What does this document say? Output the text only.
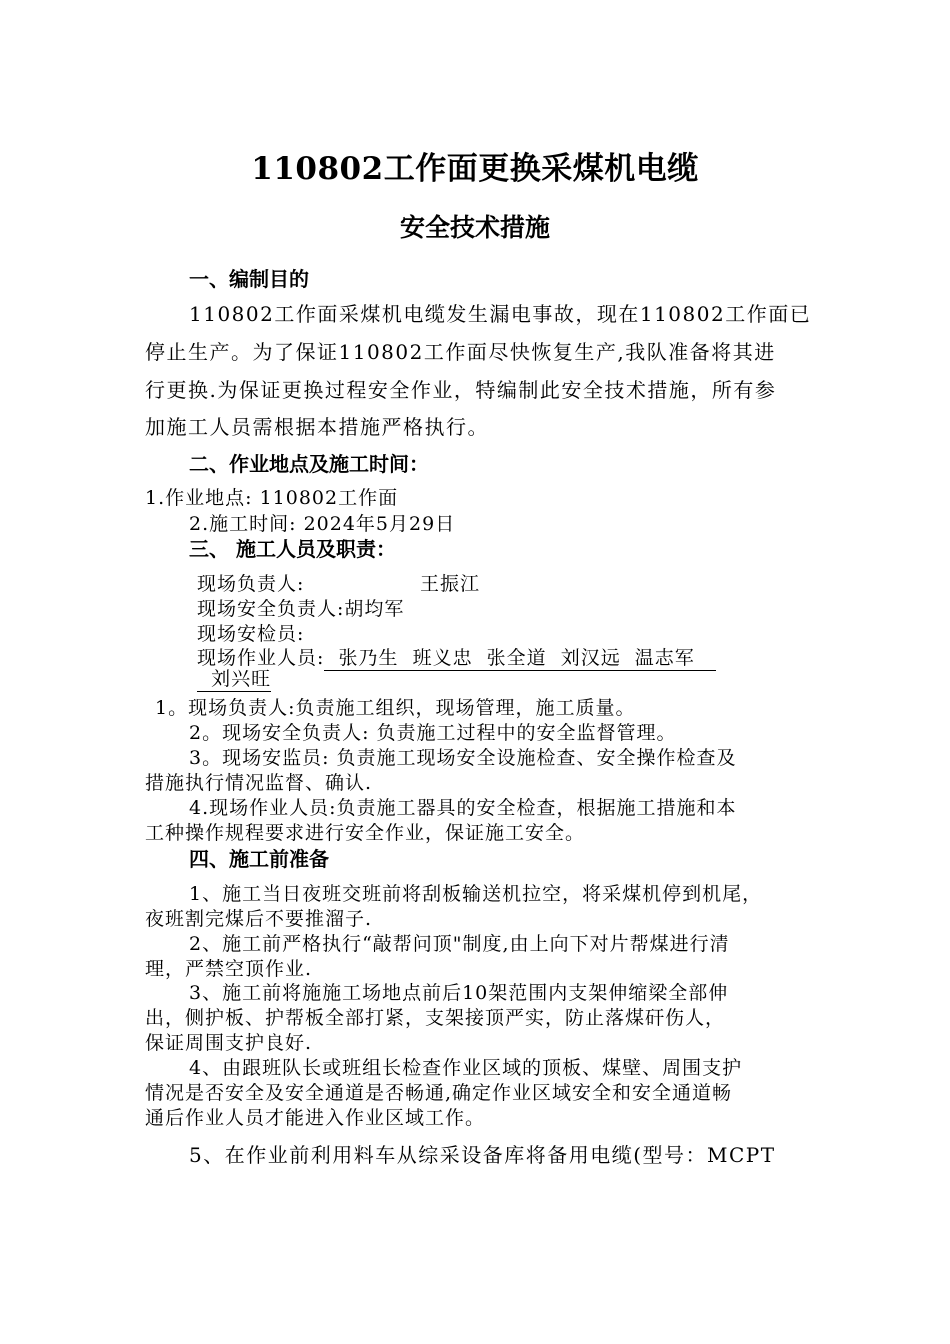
110802工作面更换采煤机电缆
安全技术措施
一、编制目的
110802工作面采煤机电缆发生漏电事故，现在110802工作面已
停止生产。为了保证110802工作面尽快恢复生产,我队准备将其进
行更换.为保证更换过程安全作业，特编制此安全技术措施，所有参
加施工人员需根据本措施严格执行。
二、作业地点及施工时间：
1.作业地点: 110802工作面
2.施工时间: 2024年5月29日
三、 施工人员及职责：
现场负责人:	王振江
现场安全负责人:胡均军
现场安检员:
现场作业人员:  张乃生  班义忠  张全道  刘汉远  温志军
刘兴旺
1。现场负责人:负责施工组织，现场管理，施工质量。
2。现场安全负责人: 负责施工过程中的安全监督管理。
3。现场安监员: 负责施工现场安全设施检查、安全操作检查及
措施执行情况监督、确认.
4.现场作业人员:负责施工器具的安全检查，根据施工措施和本
工种操作规程要求进行安全作业，保证施工安全。
四、施工前准备
1、施工当日夜班交班前将刮板输送机拉空，将采煤机停到机尾，
夜班割完煤后不要推溜子.
2、施工前严格执行“敲帮问顶"制度,由上向下对片帮煤进行清
理，严禁空顶作业.
3、施工前将施施工场地点前后10架范围内支架伸缩梁全部伸
出，侧护板、护帮板全部打紧，支架接顶严实，防止落煤矸伤人，
保证周围支护良好.
4、由跟班队长或班组长检查作业区域的顶板、煤壁、周围支护
情况是否安全及安全通道是否畅通,确定作业区域安全和安全通道畅
通后作业人员才能进入作业区域工作。
5、在作业前利用料车从综采设备库将备用电缆(型号：MCPT
